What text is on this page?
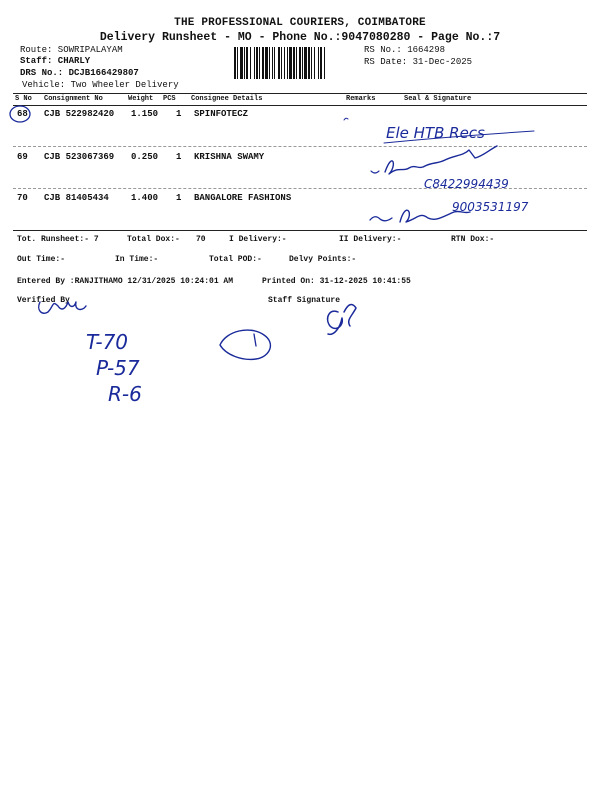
THE PROFESSIONAL COURIERS, COIMBATORE
Delivery Runsheet - MO - Phone No.:9047080280 - Page No.:7
Route: SOWRIPALAYAM
Staff: CHARLY
DRS No.: DCJB166429807
Vehicle: Two Wheeler Delivery
RS No.: 1664298
RS Date: 31-Dec-2025
S No Consignment No	Weight PCS Consignee Details	Remarks	Seal & Signature
68 CJB 522982420 1.150 1 SPINFOTECZ
69 CJB 523067369 0.250 1 KRISHNA SWAMY
70 CJB 81405434 1.400 1 BANGALORE FASHIONS
Tot. Runsheet:- 7	Total Dox:- 70	I Delivery:-	II Delivery:-	RTN Dox:-
Out Time:-	In Time:-	Total POD:-	Delvy Points:-
Entered By :RANJITHAMO 12/31/2025 10:24:01 AM	Printed On: 31-12-2025 10:41:55
Verified By	Staff Signature
Ele HTB Recs
C8422994439
9003531197
T-70
P-57
R-6
